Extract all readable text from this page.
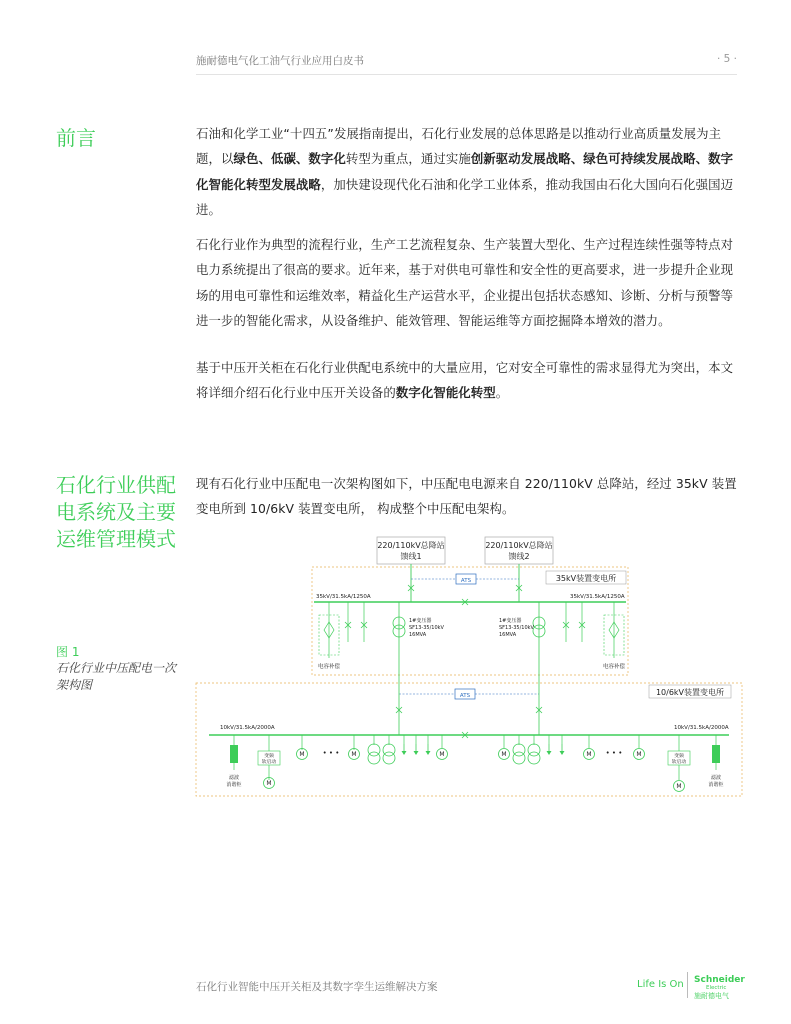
施耐德电气化工油气行业应用白皮书	· 5 ·
前言	石油和化学工业“十四五”发展指南提出，石化行业发展的总体思路是以推动行业高质量发展为主题，以绿色、低碳、数字化转型为重点，通过实施创新驱动发展战略、绿色可持续发展战略、数字化智能化转型发展战略，加快建设现代化石油和化学工业体系，推动我国由石化大国向石化强国迈进。

石化行业作为典型的流程行业，生产工艺流程复杂、生产装置大型化、生产过程连续性强等特点对电力系统提出了很高的要求。近年来，基于对供电可靠性和安全性的更高要求，进一步提升企业现场的用电可靠性和运维效率，精益化生产运营水平，企业提出包括状态感知、诊断、分析与预警等进一步的智能化需求，从设备维护、能效管理、智能运维等方面挖掘降本增效的潜力。

基于中压开关柜在石化行业供配电系统中的大量应用，它对安全可靠性的需求显得尤为突出，本文将详细介绍石化行业中压开关设备的数字化智能化转型。

石化行业供配
电系统及主要
运维管理模式

现有石化行业中压配电一次架构图如下，中压配电电源来自 220/110kV 总降站，经过 35kV 装置变电所到 10/6kV 装置变电所， 构成整个中压配电架构。

图 1
石化行业中压配电一次架构图
M
220/110kV总降站
馈线1
220/110kV总降站
馈线2
35kV装置变电所
ATS
35kV/31.5kA/1250A	35kV/31.5kA/1250A
电容补偿
1#变压器
SF13-35/10kV
16MVA
1#变压器
SF13-35/10kV
16MVA
电容补偿
10/6kV装置变电所
ATS
10kV/31.5kA/2000A	10kV/31.5kA/2000A
滤波
消谐柜
变频
软启动
• • •	• • •	变频
软启动
滤波
消谐柜
石化行业智能中压开关柜及其数字孪生运维解决方案	Life Is On Schneider
Electric
施耐德电气
